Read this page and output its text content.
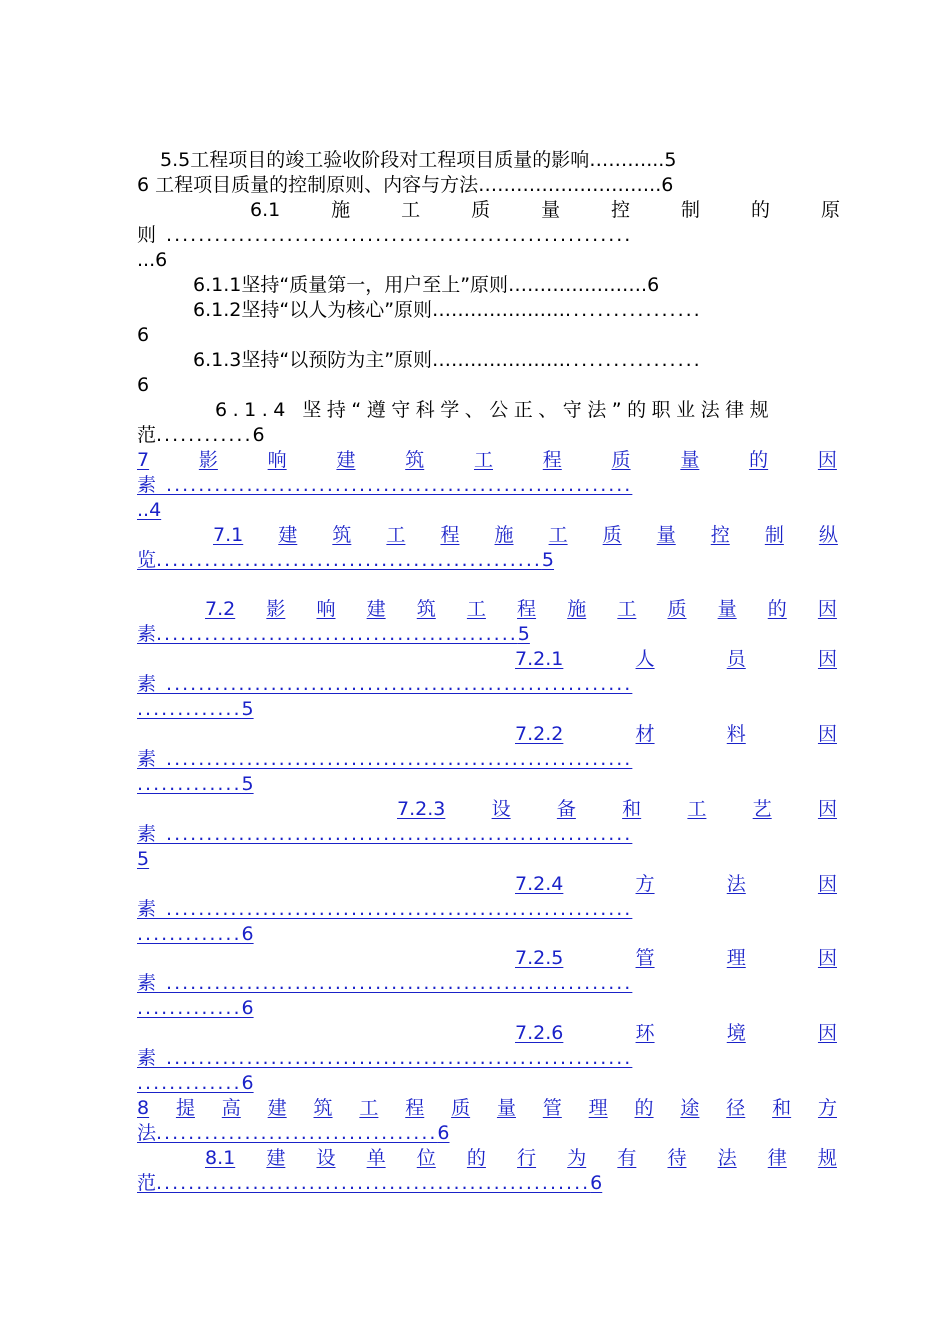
5.5工程项目的竣工验收阶段对工程项目质量的影响………...5
6 工程项目质量的控制原则、内容与方法………………………..6
6.1	施	工	质	量	控	制	的	原
则 ..........................................................
...6
6.1.1坚持“质量第一，用户至上”原则………………….6
6.1.2坚持“以人为核心”原则………………….................
6
6.1.3坚持“以预防为主”原则………………….................
6
6.1.4 坚持“遵守科学、公正、守法”的职业法律规
范............6
7	影	响	建	筑	工	程	质	量	的	因
素 ..........................................................
..4
7.1 建 筑 工 程 施 工 质 量 控 制 纵
览................................................5
7.2 影 响 建 筑 工 程 施 工 质 量 的 因
素.............................................5
7.2.1	人	员	因
素 ..........................................................
.............5
7.2.2	材	料	因
素 ..........................................................
.............5
7.2.3 设 备 和 工 艺 因
素 ..........................................................
5
7.2.4	方	法	因
素 ..........................................................
.............6
7.2.5	管	理	因
素 ..........................................................
.............6
7.2.6	环	境	因
素 ..........................................................
.............6
8 提 高 建 筑 工 程 质 量 管 理 的 途 径 和 方
法...................................6
8.1 建 设 单 位 的 行 为 有 待 法 律 规
范......................................................6
